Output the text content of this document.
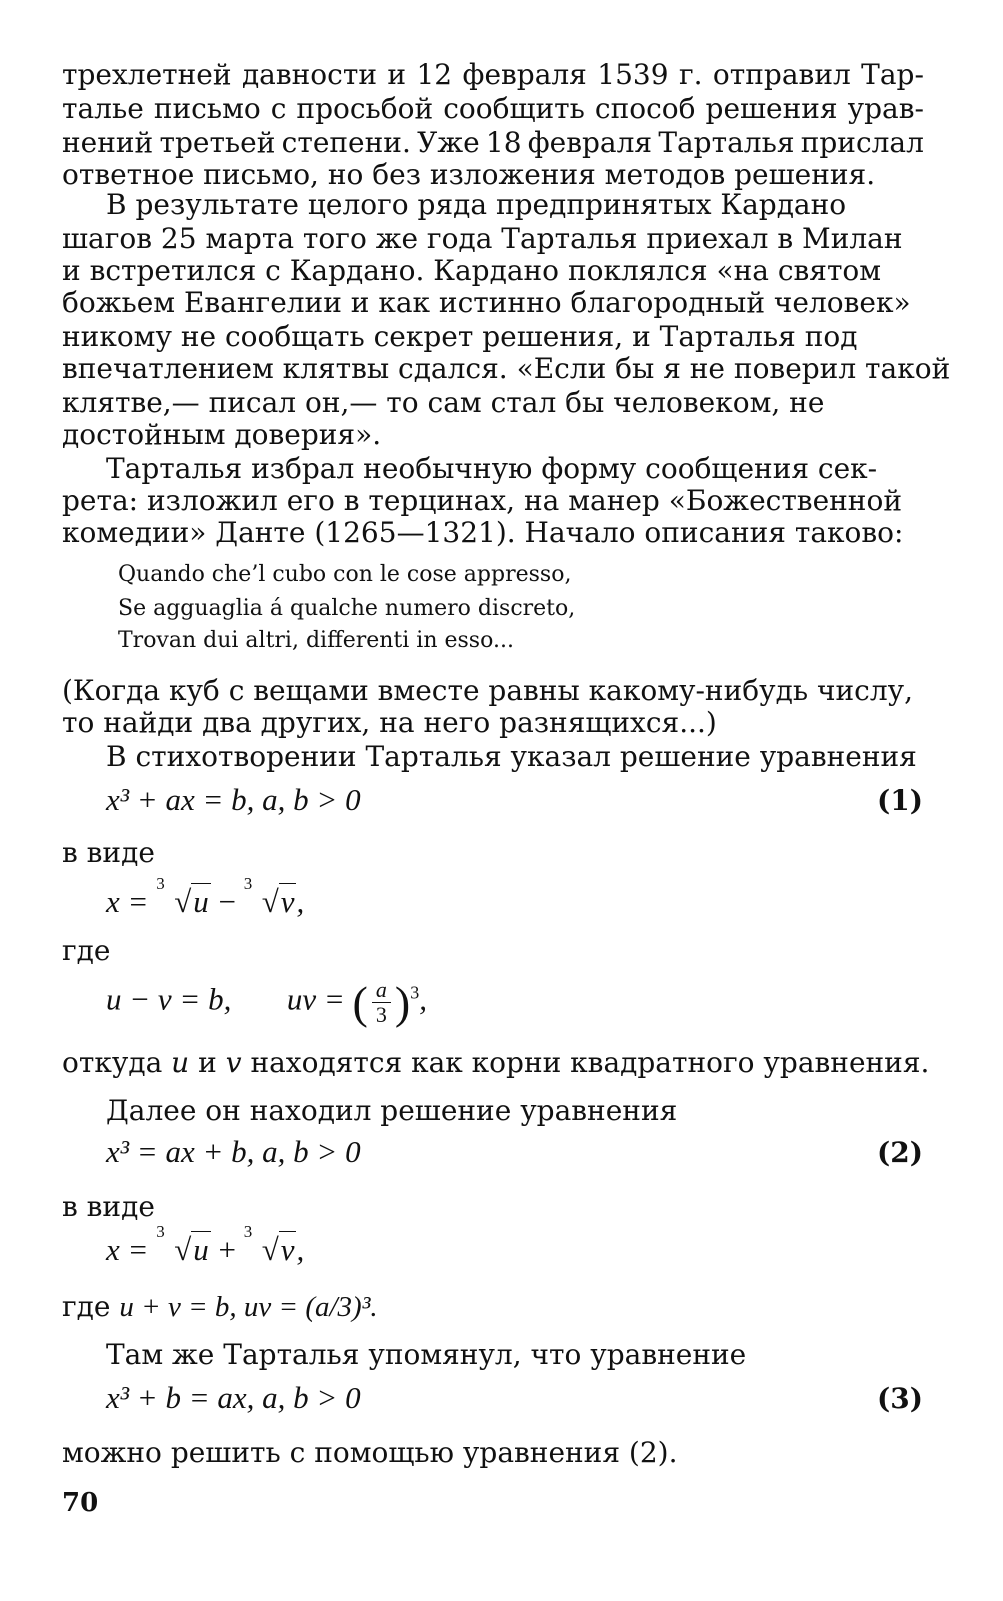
трехлетней давности и 12 февраля 1539 г. отправил Тар-
талье письмо с просьбой сообщить способ решения урав-
нений третьей степени. Уже 18 февраля Тарталья прислал
ответное письмо, но без изложения методов решения.
В результате целого ряда предпринятых Кардано
шагов 25 марта того же года Тарталья приехал в Милан
и встретился с Кардано. Кардано поклялся «на святом
божьем Евангелии и как истинно благородный человек»
никому не сообщать секрет решения, и Тарталья под
впечатлением клятвы сдался. «Если бы я не поверил такой
клятве,— писал он,— то сам стал бы человеком, не
достойным доверия».
Тарталья избрал необычную форму сообщения сек-
рета: изложил его в терцинах, на манер «Божественной
комедии» Данте (1265—1321). Начало описания таково:
Quando che’l cubo con le cose appresso,
Se agguaglia á qualche numero discreto,
Trovan dui altri, differenti in esso...
(Когда куб с вещами вместе равны какому-нибудь числу,
то найди два других, на него разнящихся...)
В стихотворении Тарталья указал решение уравнения
x³ + ax = b, a, b > 0	(1)
в виде
x =
3
√u −
3
√v,
где
u − v = b, uv = ( $\frac{a}{3} )^3$,
откуда u и v находятся как корни квадратного уравнения.
Далее он находил решение уравнения
x³ = ax + b, a, b > 0	(2)
в виде
x =
3
√u +
3
√v,
где u + v = b, uv = (a/3)³.
Там же Тарталья упомянул, что уравнение
x³ + b = ax, a, b > 0	(3)
можно решить с помощью уравнения (2).
70
